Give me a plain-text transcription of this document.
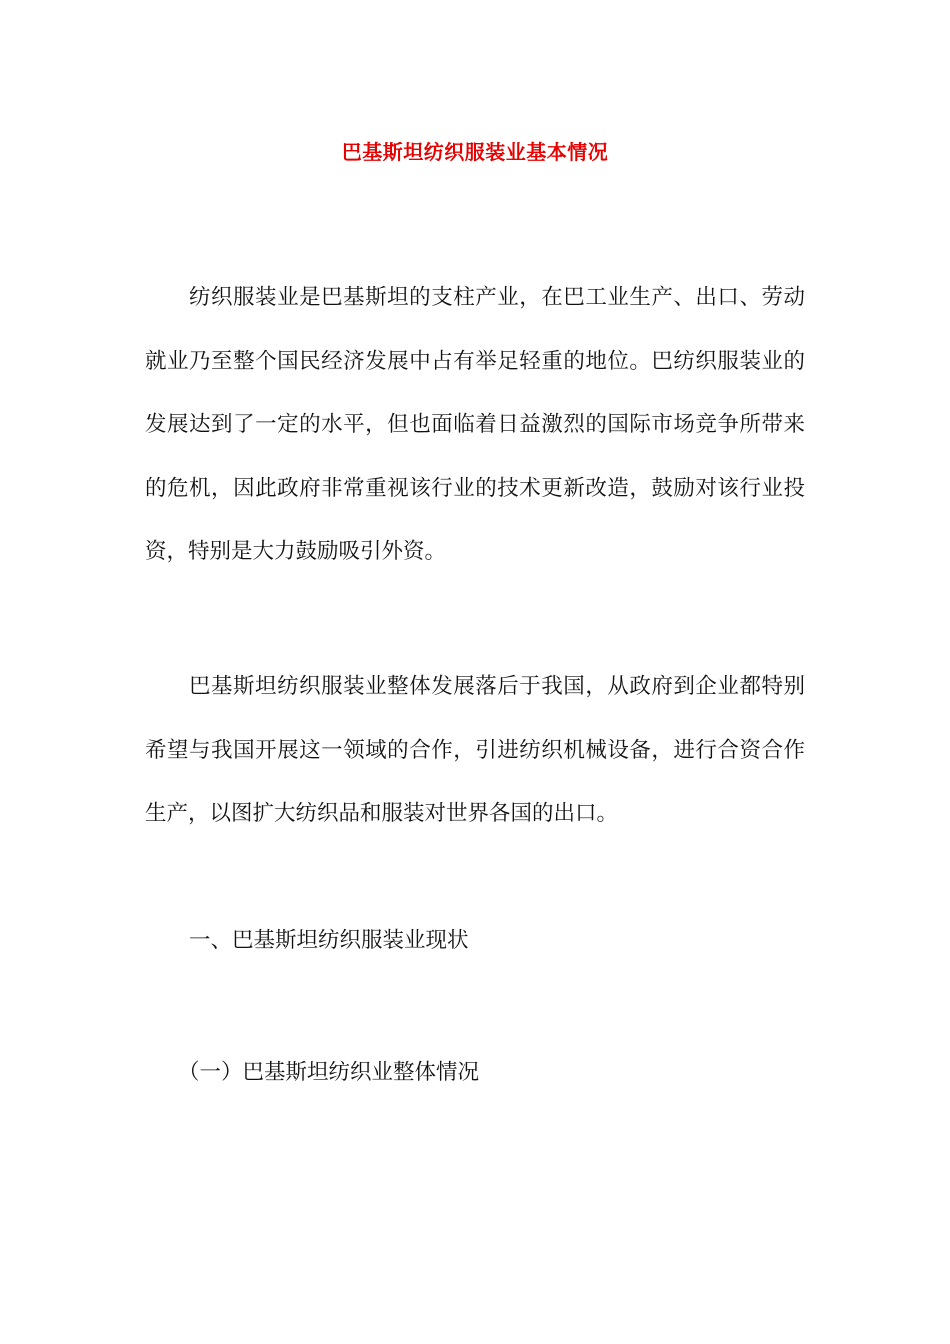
巴基斯坦纺织服装业基本情况

纺织服装业是巴基斯坦的支柱产业，在巴工业生产、出口、劳动就业乃至整个国民经济发展中占有举足轻重的地位。巴纺织服装业的发展达到了一定的水平，但也面临着日益激烈的国际市场竞争所带来的危机，因此政府非常重视该行业的技术更新改造，鼓励对该行业投资，特别是大力鼓励吸引外资。

巴基斯坦纺织服装业整体发展落后于我国，从政府到企业都特别希望与我国开展这一领域的合作，引进纺织机械设备，进行合资合作生产，以图扩大纺织品和服装对世界各国的出口。

一、巴基斯坦纺织服装业现状
（一）巴基斯坦纺织业整体情况
